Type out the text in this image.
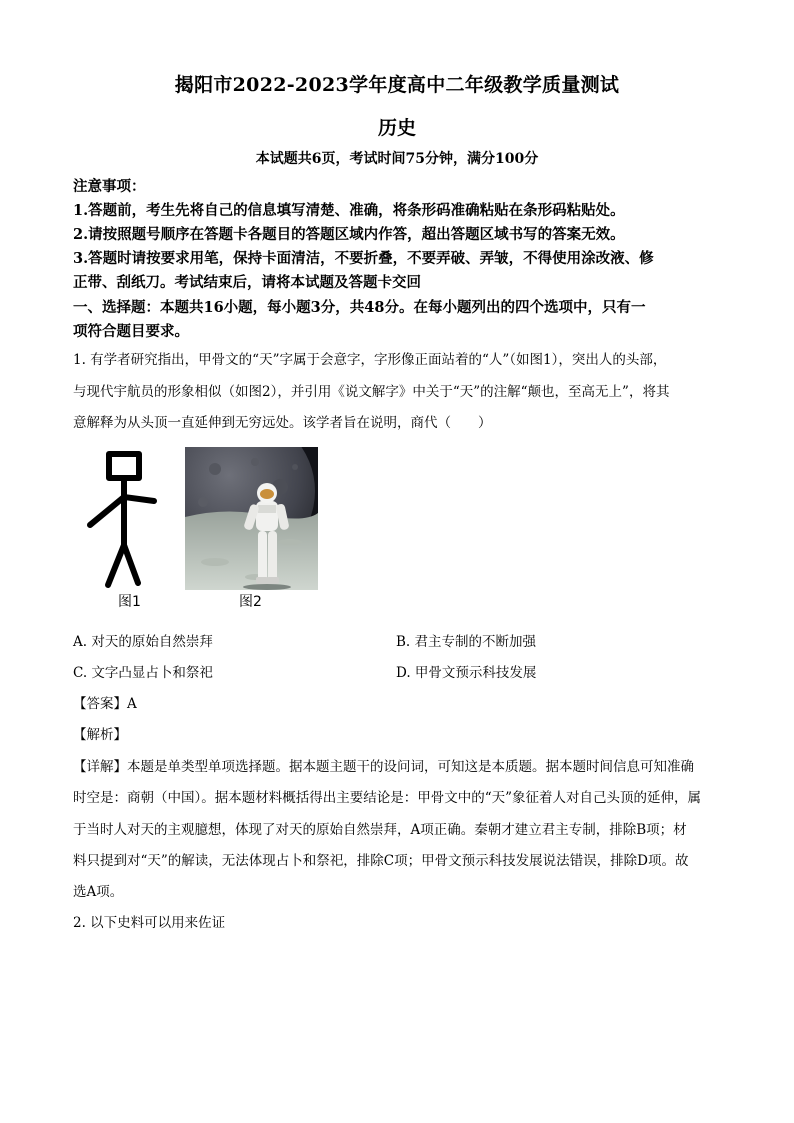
揭阳市2022-2023学年度高中二年级教学质量测试
历史
本试题共6页，考试时间75分钟，满分100分
注意事项：
1.答题前，考生先将自己的信息填写清楚、准确，将条形码准确粘贴在条形码粘贴处。
2.请按照题号顺序在答题卡各题目的答题区域内作答，超出答题区域书写的答案无效。
3.答题时请按要求用笔，保持卡面清洁，不要折叠，不要弄破、弄皱，不得使用涂改液、修
正带、刮纸刀。考试结束后，请将本试题及答题卡交回
一、选择题：本题共16小题，每小题3分，共48分。在每小题列出的四个选项中，只有一
项符合题目要求。
1. 有学者研究指出，甲骨文的“天”字属于会意字，字形像正面站着的“人”（如图1），突出人的头部，
与现代宇航员的形象相似（如图2），并引用《说文解字》中关于“天”的注解“颠也，至高无上”，将其
意解释为从头顶一直延伸到无穷远处。该学者旨在说明，商代（　　）
图1	图2
A. 对天的原始自然崇拜	B. 君主专制的不断加强
C. 文字凸显占卜和祭祀	D. 甲骨文预示科技发展
【答案】A
【解析】
【详解】本题是单类型单项选择题。据本题主题干的设问词，可知这是本质题。据本题时间信息可知准确
时空是：商朝（中国）。据本题材料概括得出主要结论是：甲骨文中的“天”象征着人对自己头顶的延伸，属
于当时人对天的主观臆想，体现了对天的原始自然崇拜，A项正确。秦朝才建立君主专制，排除B项；材
料只提到对“天”的解读，无法体现占卜和祭祀，排除C项；甲骨文预示科技发展说法错误，排除D项。故
选A项。
2. 以下史料可以用来佐证
